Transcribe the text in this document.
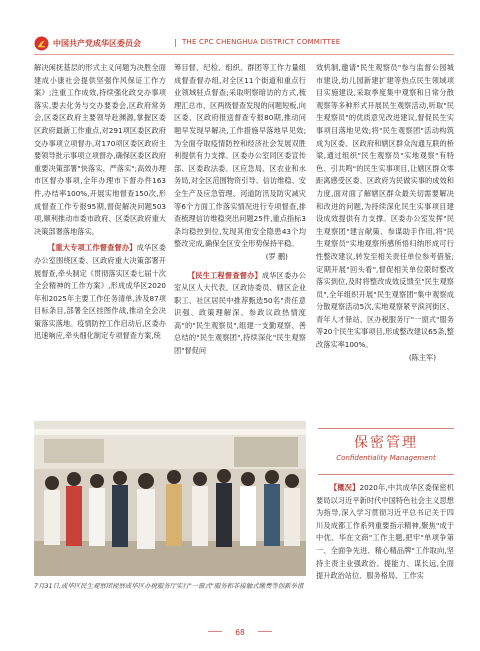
中国共产党成华区委员会	| THE CPC CHENGHUA DISTRICT COMMITTEE

解决闲抚基层的形式主义问题为决胜全面建成小康社会提供坚强作风保证工作方案》;注重工作成效,持续强化政交办事项落实,要去化务与交办要委会,区政府常务会,区委区政府主要领导赴渊源,掌握区委区政府最新工作重点,对291项区委区政府交办事项立项督办,对170项区委区政府主要领导批示事项立项督办,确保区委区政府重要决策部署"快落实、严落实";高效办理市区督办事项,全年办理市下督办件163件,办结率100%,开展实地督查150次,形成督查工作专报95期,督促解决问题503项,顺利推动市委市政府、区委区政府重大决策部署落地落实。

【重大专项工作督查督办】成华区委办公室围绕区委、区政府重大决策部署开展督查,牵头制定《贯彻落实区委七届十次全会精神的工作方案》,形成成华区2020年和2025年主要工作任务清单,涉及87项目标条目,部署全区挂图作战,推动全会决策落实落地。疫情防控工作启动后,区委办迅速响应,牵头细化制定专项督查方案,统

筹目督、纪检、组织、群团等工作力量组成督查督办组,对全区11个街道和重点行业领域驻点督查;采取明察暗访的方式,梳理汇总市、区两级督查发现的问题短板,向区委、区政府报送督查专报80期,推动问题早发现早解决,工作措施早落地早见效;为全面夺取疫情防控和经济社会发展双胜利提供有力支撑。区委办公室同区委宣传部、区委政法委、区应急局、区农业和水务局,对全区范围物资引导、信访维稳、安全生产及应急管理、河道防汛及防灾减灾等6个方面工作落实情况进行专项督查,排查梳理信访维稳突出问题25件,重点指标3条均稳控到位,发现其他安全隐患43个均整改完成,确保全区安全形势保持平稳。

(罗 鹏)

【民生工程督查督办】成华区委办公室从区人大代表、区政协委员、辖区企业职工、社区居民中推荐甄选50名"责任意识强、政策理解深、参政议政热情度高"的"民生观察员",组建一支勤观察、善总结的"民生观察团",持续深化"民生观察团"督促问

效机制,邀请"民生观察员"参与监督公园城市建设,幼儿园新建扩建等热点民生领域项目实施建设,采取季度集中观察和日常分散观察等多种形式开展民生观察活动,听取"民生观察员"的优质意见改进建议,督促民生实事项目落地见效;将"民生观察团"活动构筑成为区委、区政府和辖区群众沟通互联的桥梁,通过组织"民生观察员"实地观察"有特色、引共鸣"的民生实事项目,让辖区群众零距离感受区委、区政府为民做实事的成效和力度,面对面了解辖区群众最关切需要解决和改进的问题,为持续深化民生实事项目建设成效提供有力支撑。区委办公室发挥"民生观察团"建言献策、参谋助手作用,将"民生观察员"实地观察所感所悟归纳形成可行性整改建议,转发至相关责任单位参考借鉴;定期开展"回头看",督促相关单位限时整改落实到位,及时将整改成效反馈至"民生观察员",全年组织开展"民生观察团"集中观察成分散观察活动5次,实地观察紧平滨河街区、青年人才驿站、区办税服务厅"一窗式"服务等20个民生实事项目,形成整改建议65条,整改落实率100%。

(陈主军)

7月31日,成华区民生观察团视察成华区办税服务厅实行"一窗式"服务和非接触式缴费等创新举措
保密管理
Confidentiality Management

【概况】2020年,中共成华区委保密机要局以习近平新时代中国特色社会主义思想为指导,深入学习贯彻习近平总书记关于四川及成都工作系列重要指示精神,聚焦"成于中优、华在文商"工作主题,把牢"单项争第一、全面争先进、精心精品牌"工作取向,坚持主责主业强政治、提能力、谋长远,全面提升政治站位、服务格局、工作实

68
